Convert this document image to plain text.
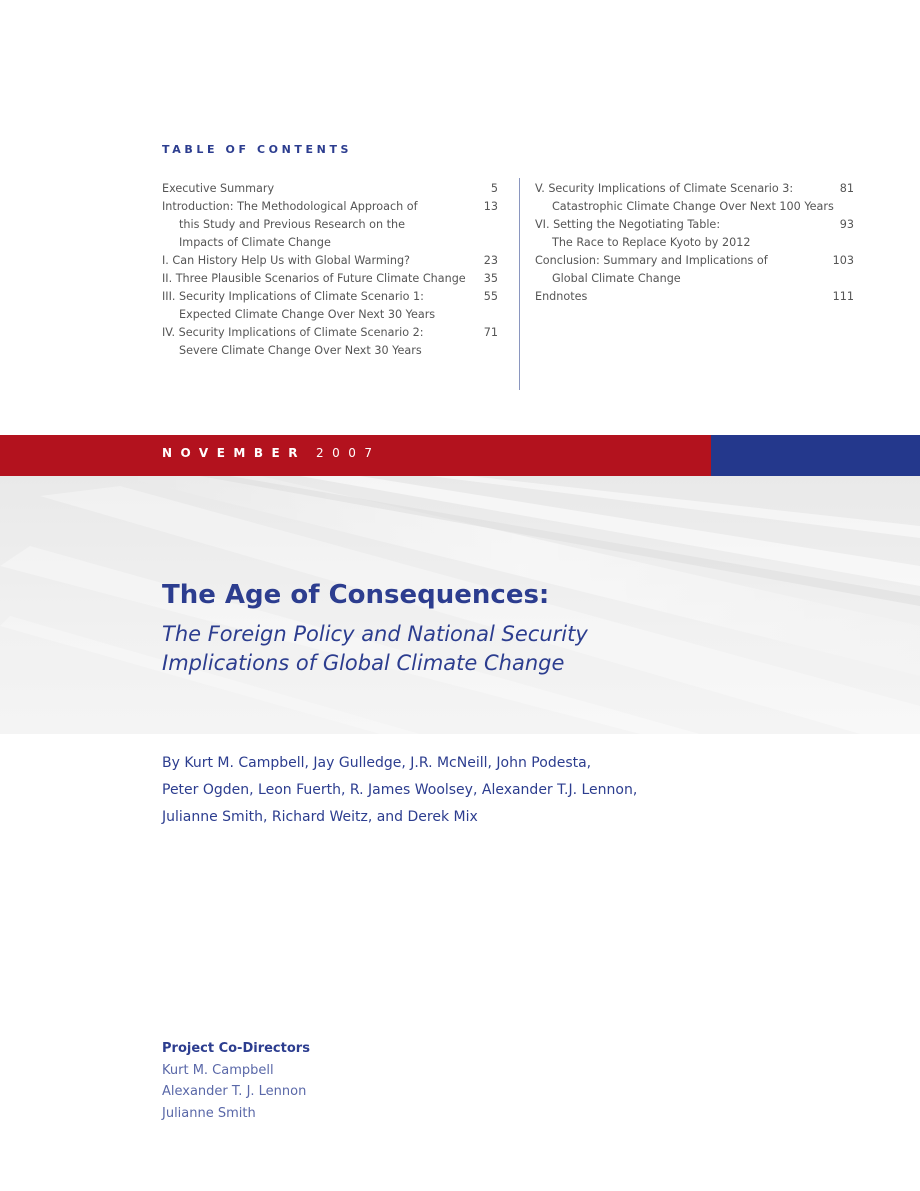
TABLE OF CONTENTS
Executive Summary	5
Introduction: The Methodological Approach of
this Study and Previous Research on the
Impacts of Climate Change
13
I. Can History Help Us with Global Warming?	23
II. Three Plausible Scenarios of Future Climate Change	35
III. Security Implications of Climate Scenario 1:
Expected Climate Change Over Next 30 Years
55
IV. Security Implications of Climate Scenario 2:
Severe Climate Change Over Next 30 Years
71
V. Security Implications of Climate Scenario 3:
Catastrophic Climate Change Over Next 100 Years
81
VI. Setting the Negotiating Table:
The Race to Replace Kyoto by 2012
93
Conclusion: Summary and Implications of
Global Climate Change
103
Endnotes	111
NOVEMBER 2007
The Age of Consequences:
The Foreign Policy and National Security
Implications of Global Climate Change
By Kurt M. Campbell, Jay Gulledge, J.R. McNeill, John Podesta,
Peter Ogden, Leon Fuerth, R. James Woolsey, Alexander T.J. Lennon,
Julianne Smith, Richard Weitz, and Derek Mix
Project Co-Directors
Kurt M. Campbell
Alexander T. J. Lennon
Julianne Smith
